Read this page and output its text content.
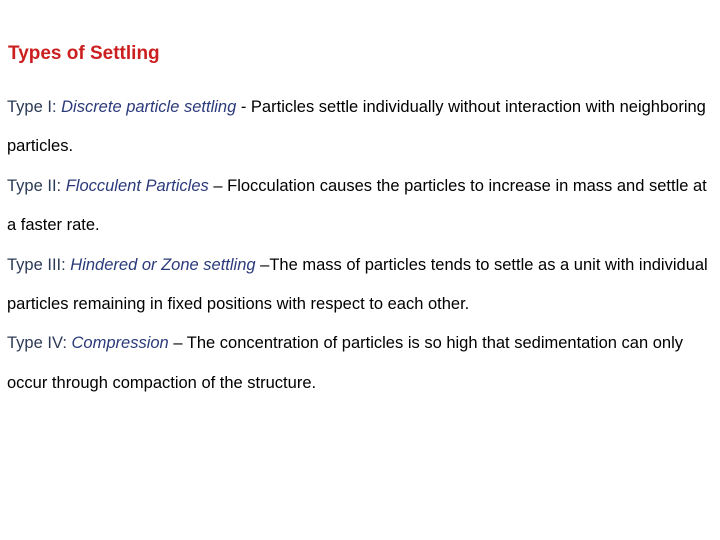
Types of Settling

Type I: Discrete particle settling - Particles settle individually without interaction with neighboring particles.

Type II: Flocculent Particles – Flocculation causes the particles to increase in mass and settle at a faster rate.

Type III: Hindered or Zone settling –The mass of particles tends to settle as a unit with individual particles remaining in fixed positions with respect to each other.

Type IV: Compression – The concentration of particles is so high that sedimentation can only occur through compaction of the structure.
